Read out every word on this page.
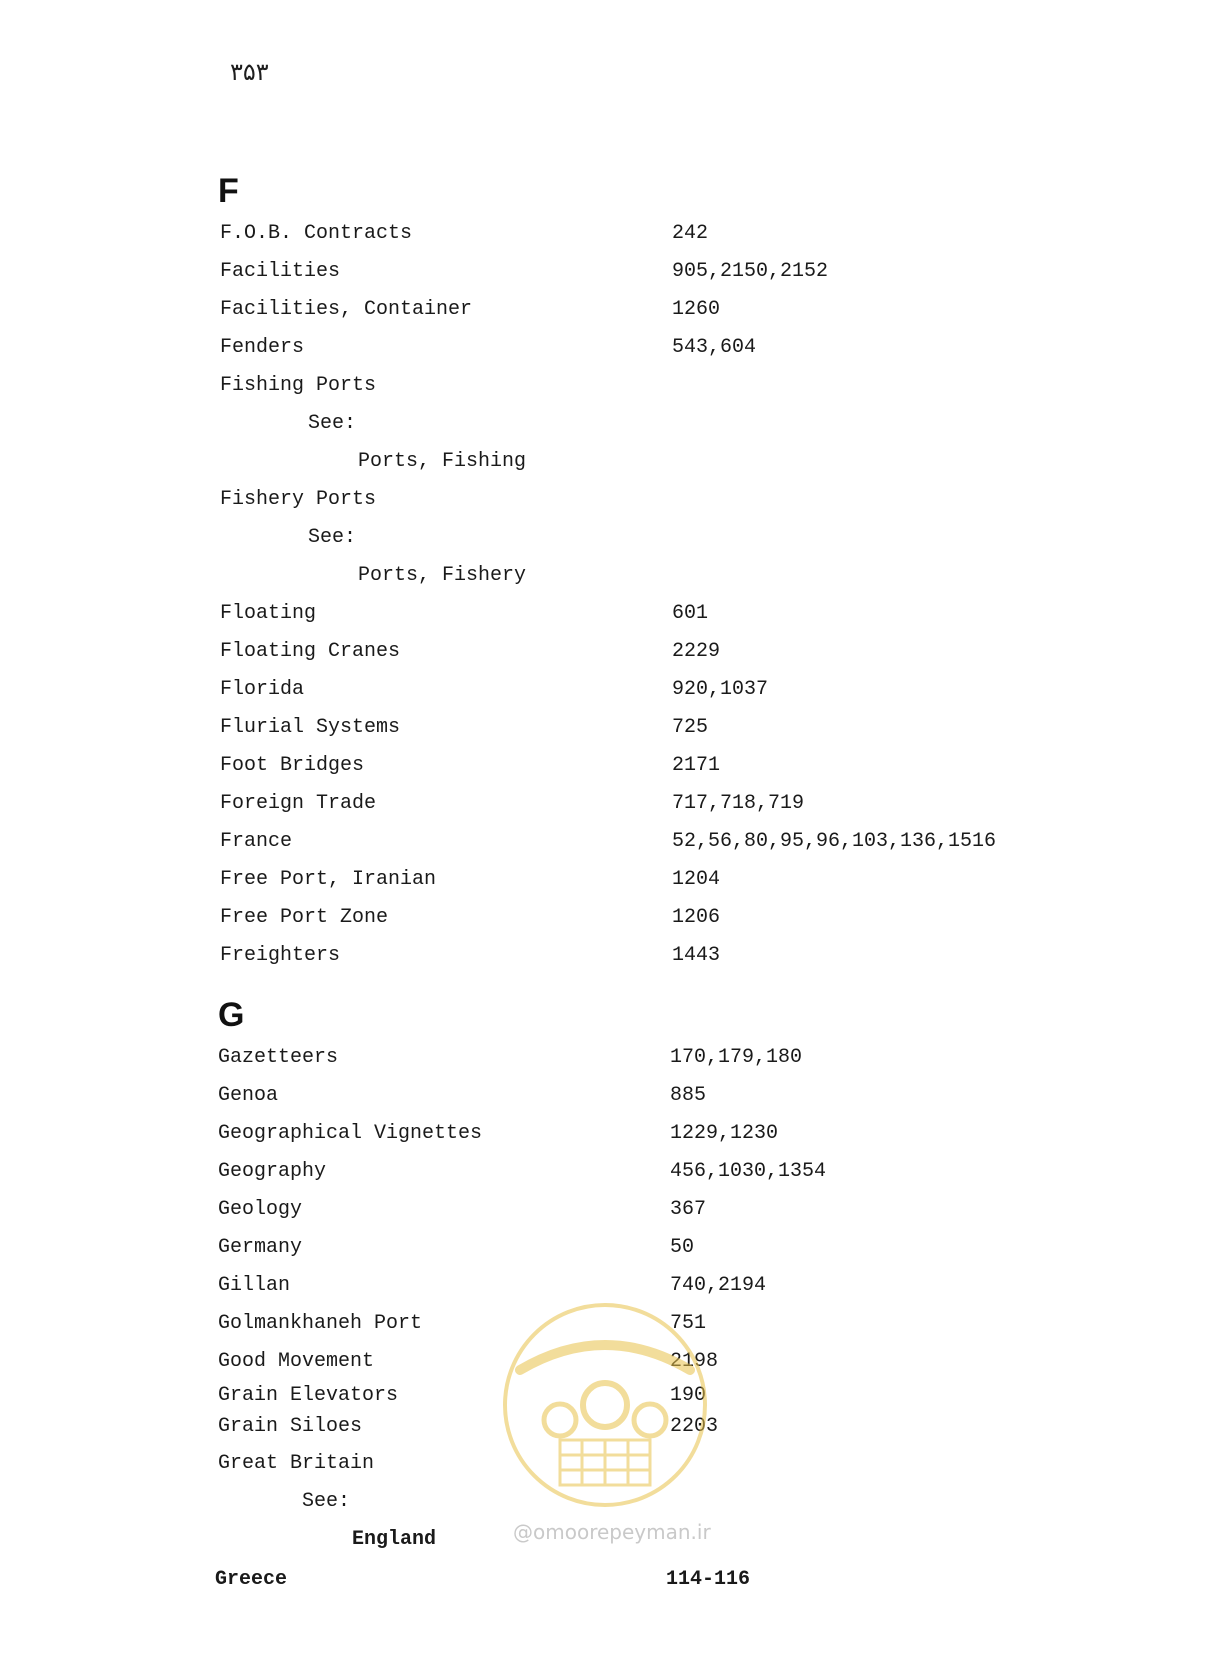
۳۵۳
F
F.O.B. Contracts	242
Facilities	905,2150,2152
Facilities, Container	1260
Fenders	543,604
Fishing Ports
See:
Ports, Fishing
Fishery Ports
See:
Ports, Fishery
Floating	601
Floating Cranes	2229
Florida	920,1037
Flurial Systems	725
Foot Bridges	2171
Foreign Trade	717,718,719
France	52,56,80,95,96,103,136,1516
Free Port, Iranian	1204
Free Port Zone	1206
Freighters	1443
G
Gazetteers	170,179,180
Genoa	885
Geographical Vignettes	1229,1230
Geography	456,1030,1354
Geology	367
Germany	50
Gillan	740,2194
Golmankhaneh Port	751
Good Movement	2198
Grain Elevators	190
Grain Siloes	2203
Great Britain
See:
England
Greece	114-116
@omoorepeyman.ir
